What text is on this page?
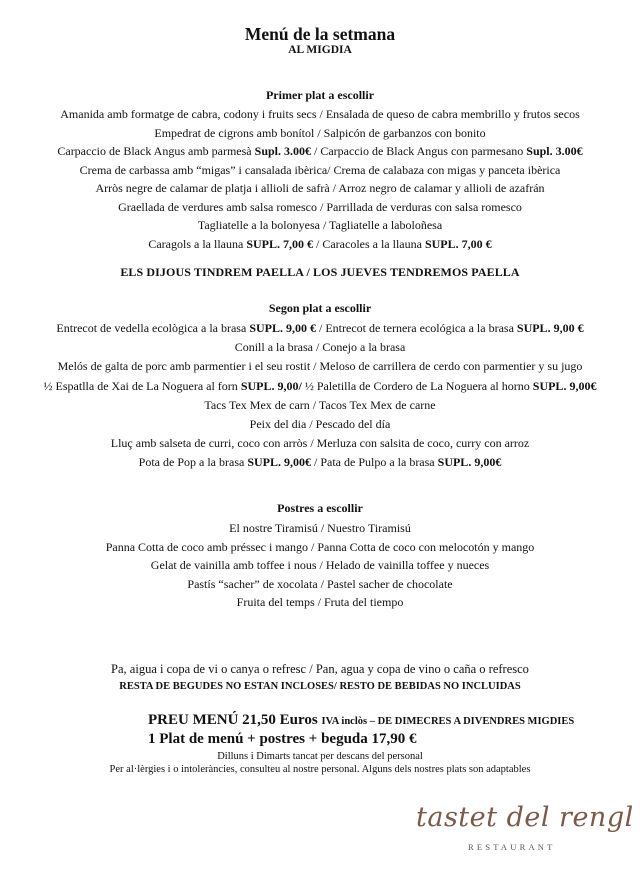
Menú de la setmana
AL MIGDIA
Primer plat a escollir
Amanida amb formatge de cabra, codony i fruits secs / Ensalada de queso de cabra membrillo y frutos secos
Empedrat de cigrons amb bonítol / Salpicón de garbanzos con bonito
Carpaccio de Black Angus amb parmesà Supl. 3.00€ / Carpaccio de Black Angus con parmesano Supl. 3.00€
Crema de carbassa amb “migas” i cansalada ibèrica/ Crema de calabaza con migas y panceta ibèrica
Arròs negre de calamar de platja i allioli de safrà / Arroz negro de calamar y allioli de azafrán
Graellada de verdures amb salsa romesco / Parrillada de verduras con salsa romesco
Tagliatelle a la bolonyesa / Tagliatelle a laboloñesa
Caragols a la llauna SUPL. 7,00 € / Caracoles a la llauna SUPL. 7,00 €
ELS DIJOUS TINDREM PAELLA / LOS JUEVES TENDREMOS PAELLA
Segon plat a escollir
Entrecot de vedella ecològica a la brasa SUPL. 9,00 € / Entrecot de ternera ecológica a la brasa SUPL. 9,00 €
Conill a la brasa / Conejo a la brasa
Melós de galta de porc amb parmentier i el seu rostit / Meloso de carrillera de cerdo con parmentier y su jugo
½ Espatlla de Xai de La Noguera al forn SUPL. 9,00/ ½ Paletilla de Cordero de La Noguera al horno SUPL. 9,00€
Tacs Tex Mex de carn / Tacos Tex Mex de carne
Peix del dia / Pescado del día
Lluç amb salseta de curri, coco con arròs / Merluza con salsita de coco, curry con arroz
Pota de Pop a la brasa SUPL. 9,00€ / Pata de Pulpo a la brasa SUPL. 9,00€
Postres a escollir
El nostre Tiramisú / Nuestro Tiramisú
Panna Cotta de coco amb préssec i mango / Panna Cotta de coco con melocotón y mango
Gelat de vainilla amb toffee i nous / Helado de vainilla toffee y nueces
Pastís “sacher” de xocolata / Pastel sacher de chocolate
Fruita del temps / Fruta del tiempo
Pa, aigua i copa de vi o canya o refresc / Pan, agua y copa de vino o caña o refresco
RESTA DE BEGUDES NO ESTAN INCLOSES/ RESTO DE BEBIDAS NO INCLUIDAS
PREU MENÚ 21,50 Euros IVA inclòs – DE DIMECRES A DIVENDRES MIGDIES
1 Plat de menú + postres + beguda 17,90 €
Dilluns i Dimarts tancat per descans del personal
Per al·lèrgies i o intoleràncies, consulteu al nostre personal. Alguns dels nostres plats son adaptables
tastet del rengl
RESTAURANT
